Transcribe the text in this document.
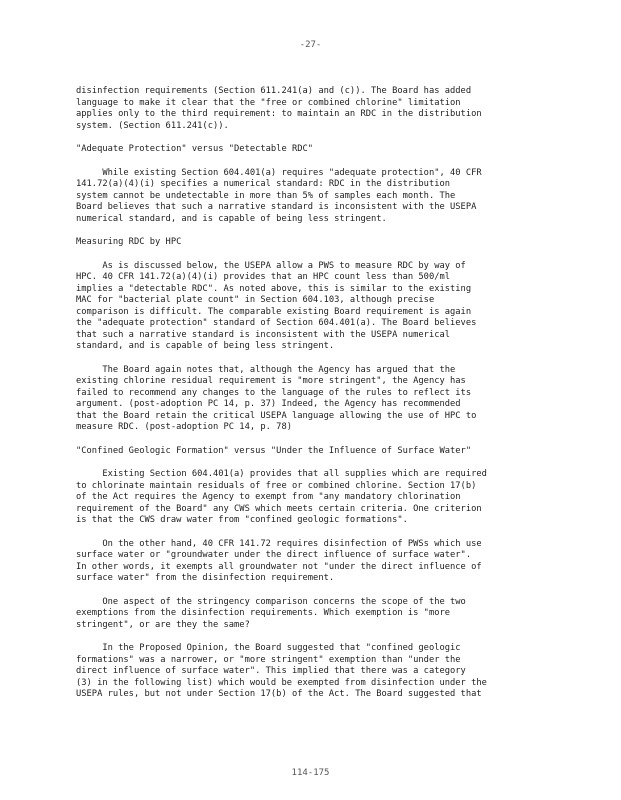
-27-
disinfection requirements (Section 611.241(a) and (c)). The Board has added
language to make it clear that the "free or combined chlorine" limitation
applies only to the third requirement: to maintain an RDC in the distribution
system. (Section 611.241(c)).
"Adequate Protection" versus "Detectable RDC"
While existing Section 604.401(a) requires "adequate protection", 40 CFR
141.72(a)(4)(i) specifies a numerical standard: RDC in the distribution
system cannot be undetectable in more than 5% of samples each month. The
Board believes that such a narrative standard is inconsistent with the USEPA
numerical standard, and is capable of being less stringent.
Measuring RDC by HPC
As is discussed below, the USEPA allow a PWS to measure RDC by way of
HPC. 40 CFR 141.72(a)(4)(i) provides that an HPC count less than 500/ml
implies a "detectable RDC". As noted above, this is similar to the existing
MAC for "bacterial plate count" in Section 604.103, although precise
comparison is difficult. The comparable existing Board requirement is again
the "adequate protection" standard of Section 604.401(a). The Board believes
that such a narrative standard is inconsistent with the USEPA numerical
standard, and is capable of being less stringent.
The Board again notes that, although the Agency has argued that the
existing chlorine residual requirement is "more stringent", the Agency has
failed to recommend any changes to the language of the rules to reflect its
argument. (post-adoption PC 14, p. 37) Indeed, the Agency has recommended
that the Board retain the critical USEPA language allowing the use of HPC to
measure RDC. (post-adoption PC 14, p. 78)
"Confined Geologic Formation" versus "Under the Influence of Surface Water"
Existing Section 604.401(a) provides that all supplies which are required
to chlorinate maintain residuals of free or combined chlorine. Section 17(b)
of the Act requires the Agency to exempt from "any mandatory chlorination
requirement of the Board" any CWS which meets certain criteria. One criterion
is that the CWS draw water from "confined geologic formations".
On the other hand, 40 CFR 141.72 requires disinfection of PWSs which use
surface water or "groundwater under the direct influence of surface water".
In other words, it exempts all groundwater not "under the direct influence of
surface water" from the disinfection requirement.
One aspect of the stringency comparison concerns the scope of the two
exemptions from the disinfection requirements. Which exemption is "more
stringent", or are they the same?
In the Proposed Opinion, the Board suggested that "confined geologic
formations" was a narrower, or "more stringent" exemption than "under the
direct influence of surface water". This implied that there was a category
(3) in the following list) which would be exempted from disinfection under the
USEPA rules, but not under Section 17(b) of the Act. The Board suggested that
114-175
